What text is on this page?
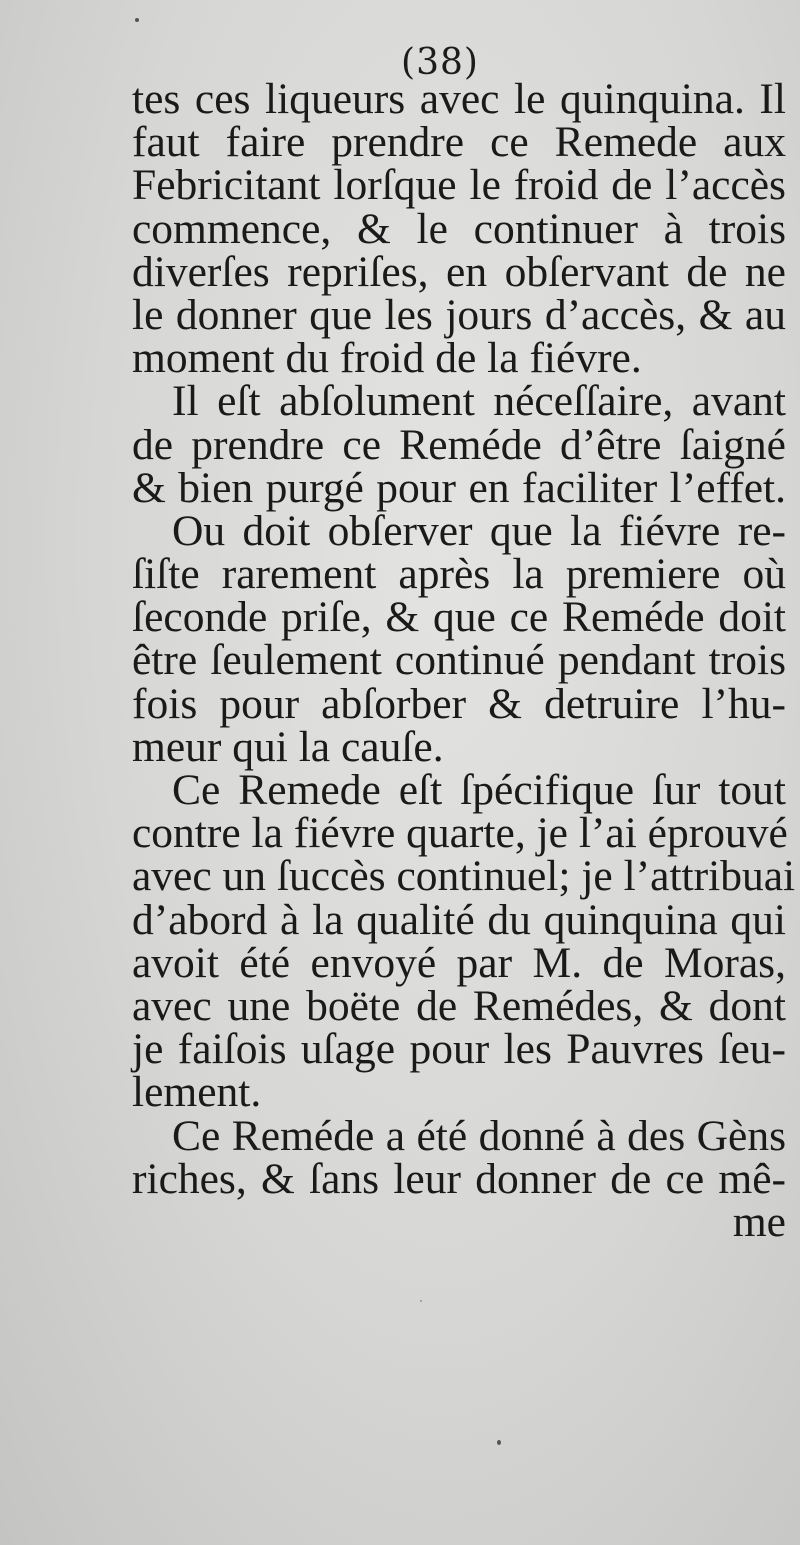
(38)
tes ces liqueurs avec le quinquina. Il
faut faire prendre ce Remede aux
Febricitant lorſque le froid de l’accès
commence, & le continuer à trois
diverſes repriſes, en obſervant de ne
le donner que les jours d’accès, & au
moment du froid de la fiévre.
Il eſt abſolument néceſſaire, avant
de prendre ce Reméde d’être ſaigné
& bien purgé pour en faciliter l’effet.
Ou doit obſerver que la fiévre re-
ſiſte rarement après la premiere où
ſeconde priſe, & que ce Reméde doit
être ſeulement continué pendant trois
fois pour abſorber & detruire l’hu-
meur qui la cauſe.
Ce Remede eſt ſpécifique ſur tout
contre la fiévre quarte, je l’ai éprouvé
avec un ſuccès continuel; je l’attribuai
d’abord à la qualité du quinquina qui
avoit été envoyé par M. de Moras,
avec une boëte de Remédes, & dont
je faiſois uſage pour les Pauvres ſeu-
lement.
Ce Reméde a été donné à des Gèns
riches, & ſans leur donner de ce mê-
me
